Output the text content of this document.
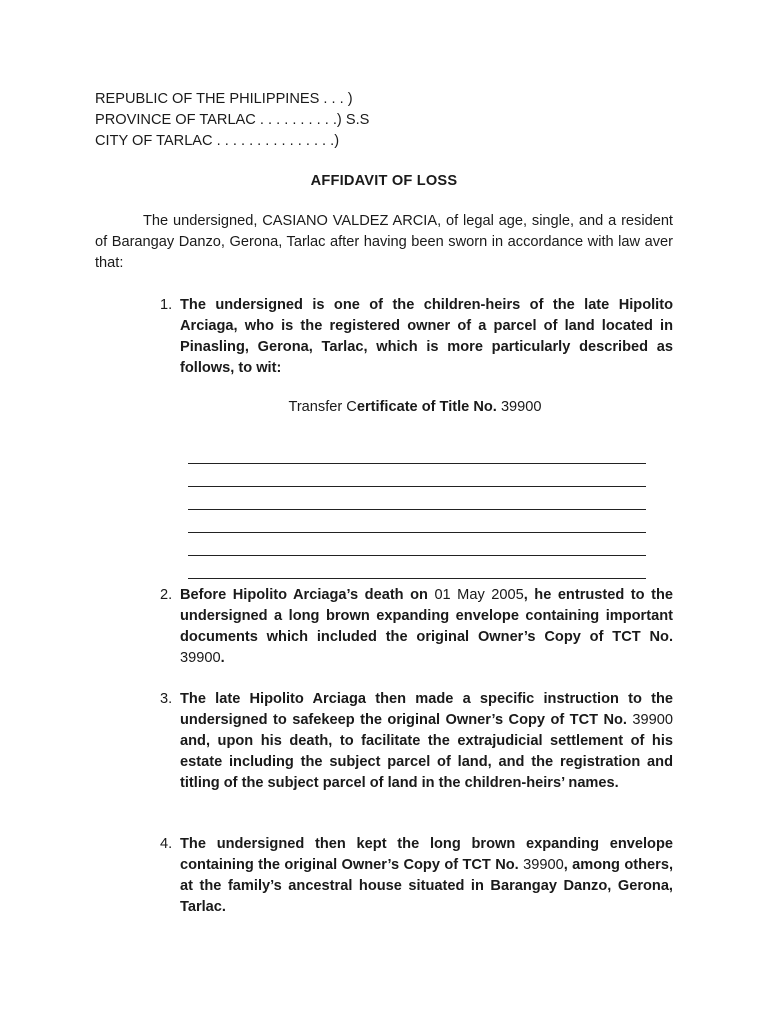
REPUBLIC OF THE PHILIPPINES . . . )
PROVINCE OF TARLAC . . . . . . . . . .) S.S
CITY OF TARLAC . . . . . . . . . . . . . . .)
AFFIDAVIT OF LOSS
The undersigned, CASIANO VALDEZ ARCIA, of legal age, single, and a resident of Barangay Danzo, Gerona, Tarlac after having been sworn in accordance with law aver that:
1. The undersigned is one of the children-heirs of the late Hipolito Arciaga, who is the registered owner of a parcel of land located in Pinasling, Gerona, Tarlac, which is more particularly described as follows, to wit:
Transfer Certificate of Title No. 39900
2. Before Hipolito Arciaga’s death on 01 May 2005, he entrusted to the undersigned a long brown expanding envelope containing important documents which included the original Owner’s Copy of TCT No. 39900.
3. The late Hipolito Arciaga then made a specific instruction to the undersigned to safekeep the original Owner’s Copy of TCT No. 39900 and, upon his death, to facilitate the extrajudicial settlement of his estate including the subject parcel of land, and the registration and titling of the subject parcel of land in the children-heirs’ names.
4. The undersigned then kept the long brown expanding envelope containing the original Owner’s Copy of TCT No. 39900, among others, at the family’s ancestral house situated in Barangay Danzo, Gerona, Tarlac.
